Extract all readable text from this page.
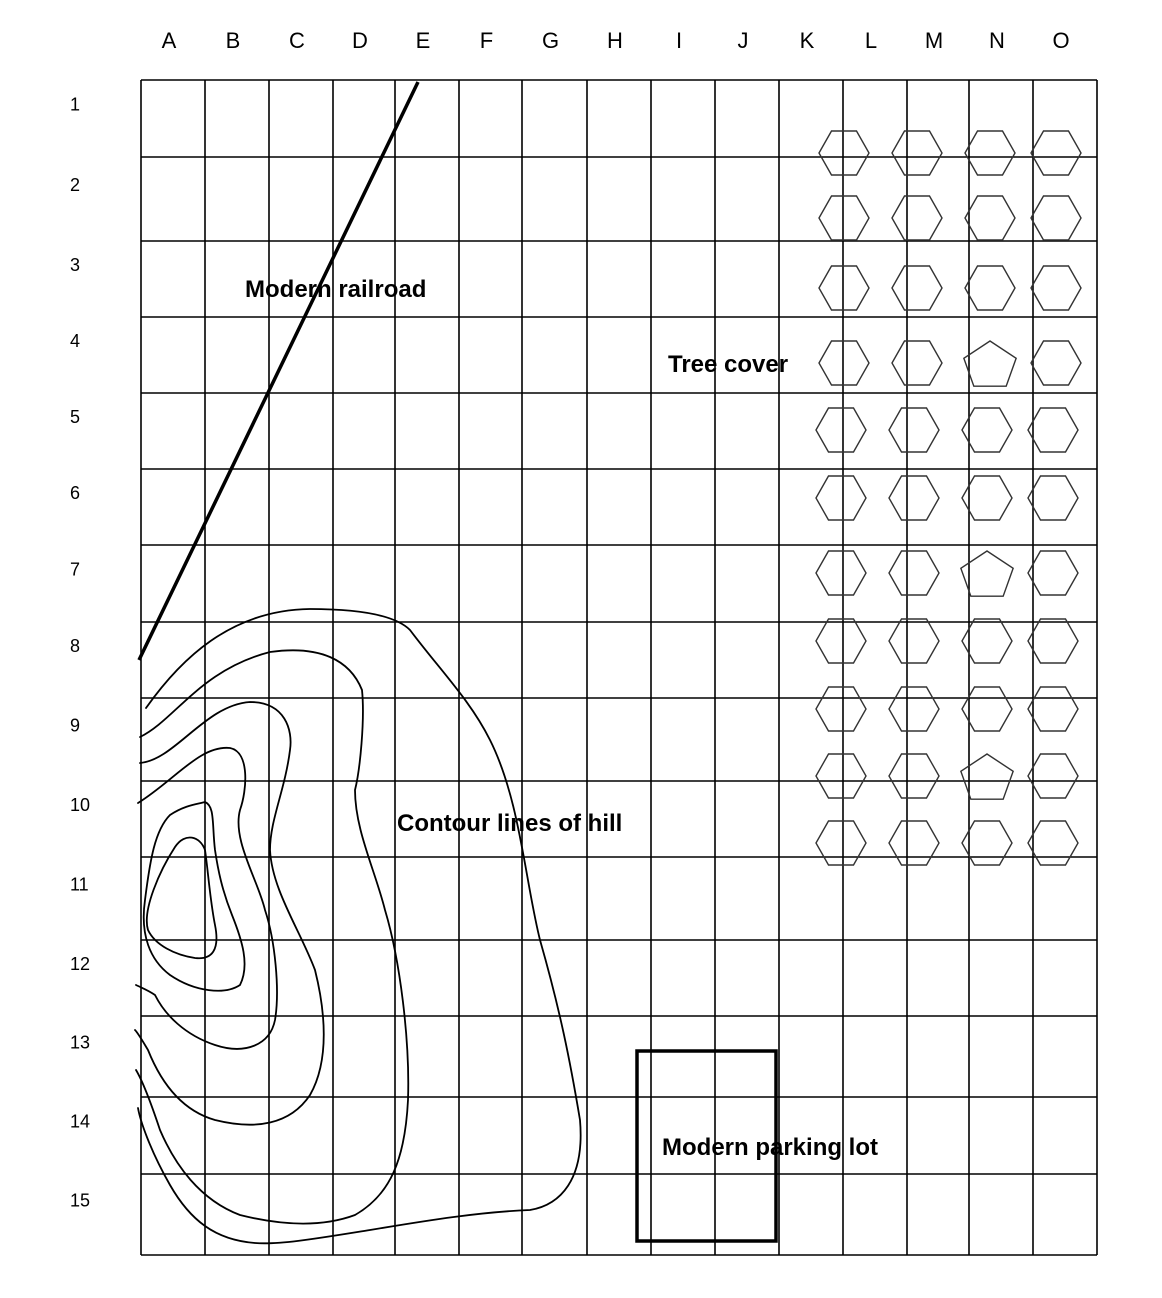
A B C D E F G H I	J K L M N O
1
2
3
4
5
6
7
8
9
10
11
12
13
14
15
Modern railroad
Tree cover
Contour lines of hill
Modern parking lot
